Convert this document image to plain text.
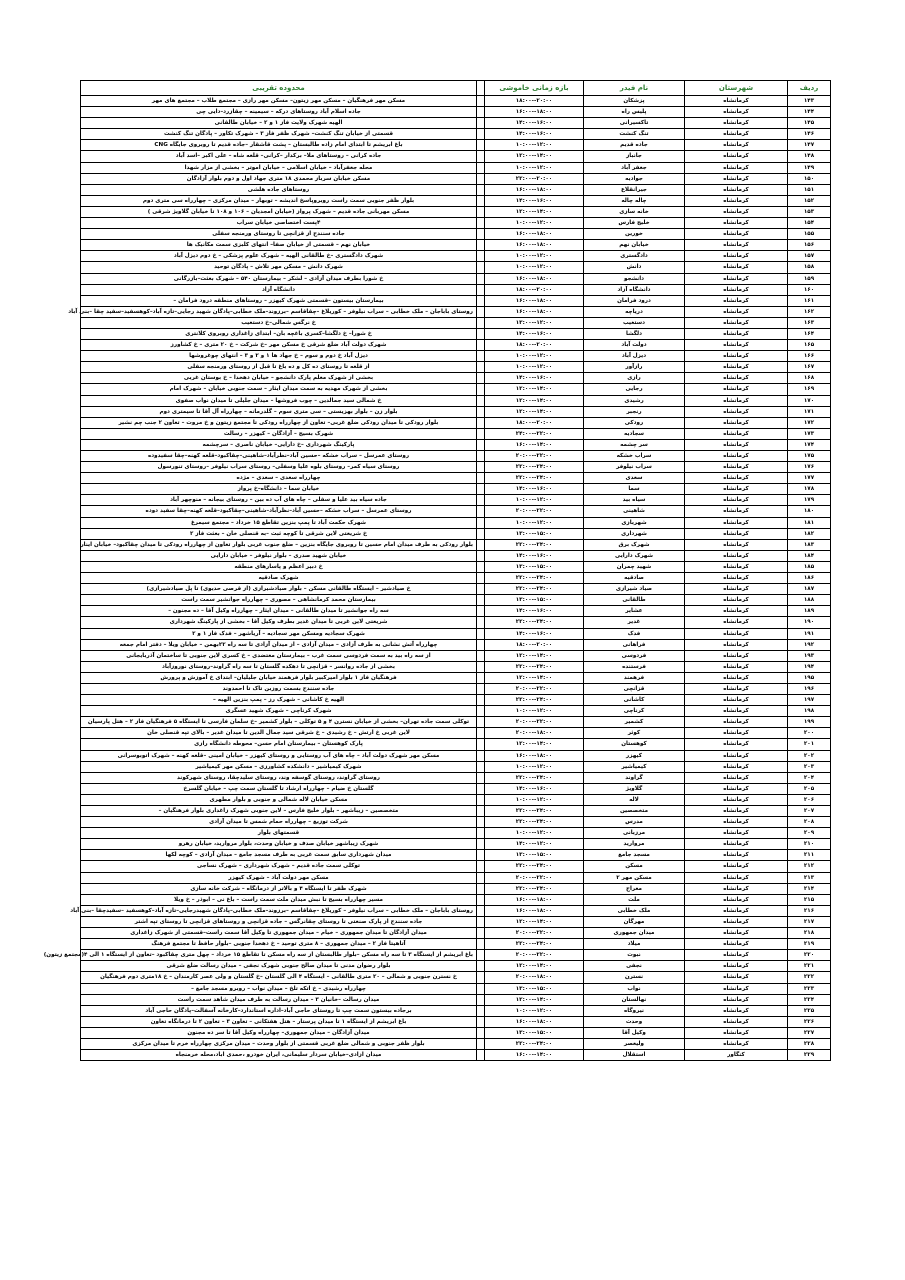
ردیف	شهرستان	نام فیدر	بازه زمانی خاموشی		محدوده تقریبی
۱۴۳	کرمانشاه	پزشکان	۲۰:۰۰--۱۸:۰۰		مسکن مهر فرهنگیان – مسکن مهر زیتون– مسکن مهر رازی – مجتمع طلاب – مجتمع های مهر
۱۴۴	کرمانشاه	پلیس راه	۱۸:۰۰--۱۶:۰۰		جاده اسلام آباد روستاهای درکه – سیمینه – چقازرد–دایی چی
۱۴۵	کرمانشاه	تاکسیرانی	۱۶:۰۰--۱۴:۰۰		الهیه شهرک ولایت فاز ۱ و ۲ – خیابان طالقانی
۱۴۶	کرمانشاه	تنگ کنشت	۱۶:۰۰--۱۴:۰۰		قسمتی از خیابان تنگ کنشت– شهرک ظفر فاز ۳ – شهرک تکاور – پادگان تنگ کنشت
۱۴۷	کرمانشاه	جاده قدیم	۱۲:۰۰--۱۰:۰۰		باغ ابریشم تا ابتدای امام زاده طالبستان – پشت قاشقار –جاده قدیم تا روبروی جایگاه CNG
۱۴۸	کرمانشاه	جانباز	۱۴:۰۰--۱۲:۰۰		جاده کرانی – روستاهای ملا– برکدار –کرانی– قلعه شاه – علی اکبر –اسد آباد
۱۴۹	کرمانشاه	جعفر آباد	۱۲:۰۰--۱۰:۰۰		محله جعفرآباد – خیابان اسلامی – خیابان اموتر – بخشی از مزار شهدا
۱۵۰	کرمانشاه	جوادیه	۲۰:۰۰--۲۲:۰۰		مسکن خیابان سرباز محمدی ۱۸ متری جهاد اول و دوم بلوار آزادگان
۱۵۱	کرمانشاه	جیرانقلاع	۱۸:۰۰--۱۶:۰۰		روستاهای جاده هلشی
۱۵۲	کرمانشاه	چاله چاله	۱۶:۰۰--۱۴:۰۰		بلوار ظفر جنوبی سمت راست روبروپاسخ اندیشه – توبهار – میدان مرکزی – چهارراه سی متری دوم
۱۵۳	کرمانشاه	خانه سازی	۱۴:۰۰--۱۲:۰۰		مسکن مهربانی جاده قدیم – شهرک پرواز (خیابان امجدیان – ۱۰۶ و ۱۰۸ تا خیابان گلاویژ شرقی )
۱۵۴	کرمانشاه	خلیج فارس	۱۲:۰۰--۱۰:۰۰		۴پست اختصاصی خیابان سراب
۱۵۵	کرمانشاه	خورین	۱۸:۰۰--۱۶:۰۰		جاده سنندج از قزانچی تا روستای ورمنجه سفلی
۱۵۶	کرمانشاه	خیابان نهم	۱۸:۰۰--۱۶:۰۰		خیابان نهم – قسمتی از خیابان صفا– انتهای کلبزی سمت مکانیک ها
۱۵۷	کرمانشاه	دادگستری	۱۲:۰۰--۱۰:۰۰		شهرک دادگستری –خ طالقانی الهیه – شهرک علوم پزشکی – خ دوم دیزل آباد
۱۵۸	کرمانشاه	دانش	۱۲:۰۰--۱۰:۰۰		شهرک دانش – مسکن مهر تلاش – پادگان توحید
۱۵۹	کرمانشاه	دانشجو	۱۸:۰۰--۱۶:۰۰		خ شورا بطرف میدان آزادی – لشکر – بیمارستان ۵۴۰ – شهرک بعثت–بازرگانی
۱۶۰	کرمانشاه	دانشگاه آزاد	۲۰:۰۰--۱۸:۰۰		دانشگاه آزاد
۱۶۱	کرمانشاه	درود فرامان	۱۸:۰۰--۱۶:۰۰		بیمارستان بیستون –قسمتی شهرک کیهزر – روستاهای منطقه درود فرامان –
۱۶۲	کرمانشاه	دریاچه	۱۸:۰۰--۱۶:۰۰		روستای باباجان – ملک خطابی – سراب نیلوفر – کوریلاغ –چقاقاسم –برزوند–ملک خطابی–پادگان شهید رجایی–تازه آباد–کوهسفید–سفید چقا –بنی آباد
۱۶۳	کرمانشاه	دستغیب	۱۲:۰۰--۱۳:۰۰		خ نرگس شمالی–خ دستغیب
۱۶۴	کرمانشاه	دلگشا	۱۶:۰۰--۱۴:۰۰		خ شورا– خ دلگشا–کسری باغچه بان– ابتدای زاغداری روبروی کلانتری
۱۶۵	کرمانشاه	دولت آباد	۲۰:۰۰--۱۸:۰۰		شهرک دولت آباد ضلع شرقی خ مسکن مهر –خ شرکت – خ ۲۰ متری – خ کشاورز
۱۶۶	کرمانشاه	دیزل آباد	۱۲:۰۰--۱۰:۰۰		دیزل آباد خ دوم و سوم – خ جهاد ها ۱ و ۲ و ۳ – انتهای چوغروشها
۱۶۷	کرمانشاه	رازآور	۱۲:۰۰--۱۰:۰۰		از قلعه تا روستای ده کل و ده باغ تا قبل از روستای ورمنجه سفلی
۱۶۸	کرمانشاه	رازی	۱۶:۰۰--۱۴:۰۰		بخشی از شهرک معلم پارک دانشجو – خیابان دهخدا – خ بوستان غربی
۱۶۹	کرمانشاه	رجایی	۱۴:۰۰--۱۲:۰۰		بخشی از شهرک مهدیه به سمت میدان ایثار – سمت جنوبی خیابان – شهرک امام
۱۷۰	کرمانشاه	رشیدی	۱۴:۰۰--۱۲:۰۰		خ شمالی سید جمالدین – چوب فروشها – میدان جلیلی تا میدان نواب صفوی
۱۷۱	کرمانشاه	رنجبر	۱۴:۰۰--۱۲:۰۰		بلوار زن – بلوار بهزیستی – سی متری سوم – گلدرمانه – چهارراه آل آقا تا سیمتری دوم
۱۷۲	کرمانشاه	رودکی	۲۰:۰۰--۱۸:۰۰		بلوار رودکی تا میدان رودکی ضلع غربی– تعاون از چهارراه رودکی تا مجتمع زیتون و خ مروت – تعاون ۲ جنب چم نشیر
۱۷۳	کرمانشاه	سجادیه	۲۲:۰۰--۲۴:۰۰		شهرک بسیج – آزادگان – کیهزر – رسالت
۱۷۴	کرمانشاه	سر چشمه	۱۴:۰۰--۱۶:۰۰		پارکینگ شهرداری –خ دارایی– خیابان ناصری – سرچشمه
۱۷۵	کرمانشاه	سراب خشکه	۲۲:۰۰--۲۰:۰۰		روستای عمرسل – سراب خشکه –حسین آباد–نظرآباد–شاهینی–چقاکبود–قلعه کهنه–چقا سفیدوده
۱۷۶	کرمانشاه	سراب نیلوفر	۲۴:۰۰--۲۲:۰۰		روستای سیاه کمر– روستای بلوه علیا وسفلی– روستای سراب نیلوفر –روستای تنورسول
۱۷۷	کرمانشاه	سعدی	۲۴:۰۰--۲۲:۰۰		چهارراه سعدی – سعدی – مژده
۱۷۸	کرمانشاه	سما	۱۶:۰۰--۱۴:۰۰		خیابان سما – دانشگاه–خ پرواز
۱۷۹	کرمانشاه	سیاه بید	۱۲:۰۰--۱۰:۰۰		جاده سیاه بید علیا و سفلی – چاه های آب ده بین – روستای بیجانه – منوچهر آباد
۱۸۰	کرمانشاه	شاهینی	۲۲:۰۰--۲۰:۰۰		روستای عمرسل – سراب خشکه –حسین آباد–نظرآباد–شاهینی–چقاکبود–قلعه کهنه–چقا سفید دوده
۱۸۱	کرمانشاه	شهربازی	۱۲:۰۰--۱۰:۰۰		شهرک حکمت آباد تا پمپ بنزین تقاطع ۱۵ خرداد – مجتمع سیمرغ
۱۸۲	کرمانشاه	شهرداری	۱۵:۰۰--۱۳:۰۰		خ شریعتی لاین شرقی تا کوچه ثبت –به قنصلی خان – بعثت فاز ۲
۱۸۳	کرمانشاه	شهرک برق	۲۴:۰۰--۲۲:۰۰		بلوار رودکی به طرف میدان امام حسین تا روبروی جایگاه بنزین – ضلع جنوب غربی بلوار تعاون از چهارراه رودکی تا میدان چقاکبود– خیابان اینار
۱۸۴	کرمانشاه	شهرک دارایی	۱۶:۰۰--۱۴:۰۰		خیابان شهید صدری – بلوار نیلوفر – خیابان دارایی
۱۸۵	کرمانشاه	شهید چمران	۱۵:۰۰--۱۳:۰۰		خ دبیر اعظم و پاسارهای منطقه
۱۸۶	کرمانشاه	صادقیه	۲۴:۰۰--۲۲:۰۰		شهرک صادقیه
۱۸۷	کرمانشاه	صیاد شیرازی	۲۴:۰۰--۲۲:۰۰		خ صیادشیر – ایستگاه طالقانی مسکن – بلوار صیادشیرازی (از قرصی حدیوی) تا پل صیادشیرازی)
۱۸۸	کرمانشاه	طالقانی	۱۵:۰۰--۱۳:۰۰		بیمارستان محمد کرمانشاهی – مصوری – چهارراه جوانشیر سمت راست
۱۸۹	کرمانشاه	عشایر	۱۶:۰۰--۱۴:۰۰		سه راه جوانشیر تا میدان طالقانی – میدان ایثار – چهارراه وکیل آقا – ده مجنون –
۱۹۰	کرمانشاه	غدیر	۲۴:۰۰--۲۲:۰۰		شریعتی لاین غربی تا میدان غدیر بطرف وکیل آقا – بخشی از پارکینگ شهرداری
۱۹۱	کرمانشاه	فدک	۱۶:۰۰--۱۴:۰۰		شهرک سجادیه ومسکن مهر سجادیه – آریاشهر – فدک فاز ۱ و ۲
۱۹۲	کرمانشاه	فراهانی	۲۰:۰۰--۱۸:۰۰		چهارراه آتش نشانی به طرف آزادی – میدان آزادی – از میدان آزادی تا سه راه ۲۲بهمن – خیابان ویلا – دفتر امام جمعه
۱۹۳	کرمانشاه	فردوسی	۱۴:۰۰--۱۲:۰۰		از سه راه بید به سمت فردوسی سمت غرب – بیمارستان معتضدی – خ کسری لاین جنوبی تا ساختمان آذربایجانی
۱۹۴	کرمانشاه	فرستنده	۲۴:۰۰--۲۲:۰۰		بخشی از جاده روانسر – قزانچی تا دهکده گلستان تا سه راه گراوند–روستای نوروزآباد
۱۹۵	کرمانشاه	فرهمند	۱۴:۰۰--۱۲:۰۰		فرهنگیان فاز ۱ بلوار امیرکبیر بلوار فرهمند خیابان جلیلیان– ابتدای خ آموزش و پرورش
۱۹۶	کرمانشاه	قزانچی	۲۲:۰۰--۲۰:۰۰		جاده سنندج بسمت روزبن تاک تا احمدوند
۱۹۷	کرمانشاه	کاشانی	۲۴:۰۰--۲۲:۰۰		الهیه خ کاشانی – شهرک رز – پمپ بنزین الهیه –
۱۹۸	کرمانشاه	کرناچی	۱۲:۰۰--۱۰:۰۰		شهرک کرناچی – شهرک شهید عسگری
۱۹۹	کرمانشاه	کشمیر	۲۲:۰۰--۲۰:۰۰		توکلی سمت جاده تهران– بخشی از خیابان نسترن ۴ و ۵ توکلی – بلوار کشمیر –خ سلمان فارسی تا ایستگاه ۵ فرهنگیان فاز ۲ – هتل پارسیان
۲۰۰	کرمانشاه	کوثر	۱۸:۰۰--۲۰:۰۰		لاین غربی خ ارتش – خ رشیدی – خ شرقی سید جمال الدین تا میدان غدیر – بالای تپه قنصلی خان
۲۰۱	کرمانشاه	کوهستان	۱۴:۰۰--۱۲:۰۰		پارک کوهستان – بیمارستان امام حسن– محوطه دانشگاه رازی
۲۰۲	کرمانشاه	کیهزر	۱۸:۰۰--۱۶:۰۰		مسکن مهر شهرک دولت آباد – چاه های آب روستایی و روستای کیهزر – خیابان امینی –قلعه کهنه – شهرک اتوبوسرانی
۲۰۳	کرمانشاه	کیمیاشیر	۱۲:۰۰--۱۰:۰۰		شهرک کیمیاشیر – دانشکده کشاورزی – مسکن مهر کیمیاشیر
۲۰۴	کرمانشاه	گراوند	۲۴:۰۰--۲۲:۰۰		روستای گراوند، روستای گوسفه وند، روستای سلیدچقا، روستای شهرکوند
۲۰۵	کرمانشاه	گلاویژ	۱۶:۰۰--۱۴:۰۰		گلستان خ ضیام – چهارراه ارشاد تا گلستان سمت چپ – خیابان گلسرخ
۲۰۶	کرمانشاه	لاله	۱۲:۰۰--۱۰:۰۰		مسکن خیابان لاله شمالی و جنوبی و بلوار مطهری
۲۰۷	کرمانشاه	متخصصین	۲۴:۰۰--۲۲:۰۰		متخصصین – زیباشهر – بلوار خلیج فارس – لاین جنوبی شهرک زاغداری بلوار فرهنگیان –
۲۰۸	کرمانشاه	مدرس	۲۴:۰۰--۲۲:۰۰		شرکت توزیع – چهارراه حمام شمس تا میدان آزادی
۲۰۹	کرمانشاه	مرزبانی	۱۲:۰۰--۱۰:۰۰		قسمتهای بلوار
۲۱۰	کرمانشاه	مروارید	۱۲:۰۰--۱۴:۰۰		شهرک زیباشهر خیابان صدف و خیابان وحدت، بلوار مروارید، خیابان رهرو
۲۱۱	کرمانشاه	مسجد جامع	۱۵:۰۰--۱۳:۰۰		میدان شهرداری سابق سمت غربی به طرف مسجد جامع – میدان آزادی – کوچه لکها
۲۱۲	کرمانشاه	مسکن	۲۴:۰۰--۲۲:۰۰		توکلی سمت جاده قدیم – شهرک شهرداری – شهرک نساجی
۲۱۳	کرمانشاه	مسکن مهر ۲	۲۲:۰۰--۲۰:۰۰		مسکن مهر دولت آباد – شهرک کیهزر
۲۱۴	کرمانشاه	معراج	۲۴:۰۰--۲۲:۰۰		شهرک ظفر تا ایستگاه ۴ و بالاتر از درمانگاه – شرکت خانه سازی
۲۱۵	کرمانشاه	ملت	۱۸:۰۰--۱۶:۰۰		مسیر چهارراه بسیج تا نبش میدان ملت سمت راست – باغ نی – ابوذر – خ ویلا
۲۱۶	کرمانشاه	ملک خطابی	۱۸:۰۰--۱۶:۰۰		روستای باباجان – ملک خطابی – سراب نیلوفر – کوریلاغ –چقاقاسم –برزوند–ملک خطابی–پادگان شهیدرجایی–تازه آباد–کوهسفید –سفیدچقا –بنی آباد
۲۱۷	کرمانشاه	مهرگان	۱۴:۰۰--۱۲:۰۰		جاده سنندج از پارک صنعتی تا روستای چقانرگس – جاده قزانچی و روستاهای قزانچی تا روستای تپه اشتر
۲۱۸	کرمانشاه	میدان جمهوری	۲۲:۰۰--۲۰:۰۰		میدان آزادگان تا میدان جمهوری – خیام – میدان جمهوری تا وکیل آقا سمت راست–قسمتی از شهرک زاغداری
۲۱۹	کرمانشاه	میلاد	۲۴:۰۰--۲۲:۰۰		آتاهیتا فاز ۲ – میدان جمهوری – ۸ متری توحید – خ دهخدا جنوبی –بلوار حافظ تا مجتمع فرهنگ
۲۲۰	کرمانشاه	نبوت	۲۲:۰۰--۲۰:۰۰		باغ ابریشم از ایستگاه ۳ تا سه راه مسکن –بلوار طالبستان از سه راه مسکن تا تقاطع ۱۵ خرداد – چهل متری چقاکبود –تعاون از ایستگاه ۱ الی ۴(مجتمع زیتون)
۲۲۱	کرمانشاه	نجفی	۱۴:۰۰--۱۲:۰۰		بلوار رضوان مدنی تا میدان صالح جنوبی شهرک نجفی – میدان رسالت ضلع شرقی
۲۲۲	کرمانشاه	نسترن	۱۸:۰۰--۲۰:۰۰		خ نسترن جنوبی و شمالی – ۲۰ متری طالقانی – ایستگاه ۴ الی گلستان –خ گلستان و ولی عصر کارمندان – خ ۱۸متری دوم فرهنگیان
۲۲۳	کرمانشاه	نواب	۱۵:۰۰--۱۳:۰۰		چهارراه رشیدی – خ اتکه تلخ – میدان نواب – روبرو مسجد جامع –
۲۲۴	کرمانشاه	نهالستان	۱۴:۰۰--۱۲:۰۰		میدان رسالت –خانیان ۳ – میدان رسالت به طرف میدان شاهد سمت راست
۲۲۵	کرمانشاه	نیروگاه	۱۲:۰۰--۱۰:۰۰		برجاده بیستون سمت چپ تا روستای حاجی آباد–اداره استاندارد–کارخانه آسفالت–پادگان حاجی آباد
۲۲۶	کرمانشاه	وحدت	۱۸:۰۰--۱۶:۰۰		باغ ابریشم از ایستگاه ۱ تا میدان پرستار – هتل هفتکانی – تعاون ۳ – تعاون ۲ تا درمانگاه تعاون
۲۲۷	کرمانشاه	وکیل آقا	۱۵:۰۰--۱۳:۰۰		میدان آزادگان – میدان جمهوری– چهارراه وکیل آقا تا سر ده مجنون
۲۲۸	کرمانشاه	ولیعصر	۲۴:۰۰--۲۲:۰۰		بلوار ظفر جنوبی و شمالی ضلع غربی قسمتی از بلوار وحدت – میدان مرکزی چهارراه خرم تا میدان مرکزی
۲۲۹	کنگاور	استقلال	۱۴:۰۰--۱۶:۰۰		میدان ازادی–خیابان سردار سلیمانی، ایران خودرو ،حمدی اباد،محله خرمنجاه
